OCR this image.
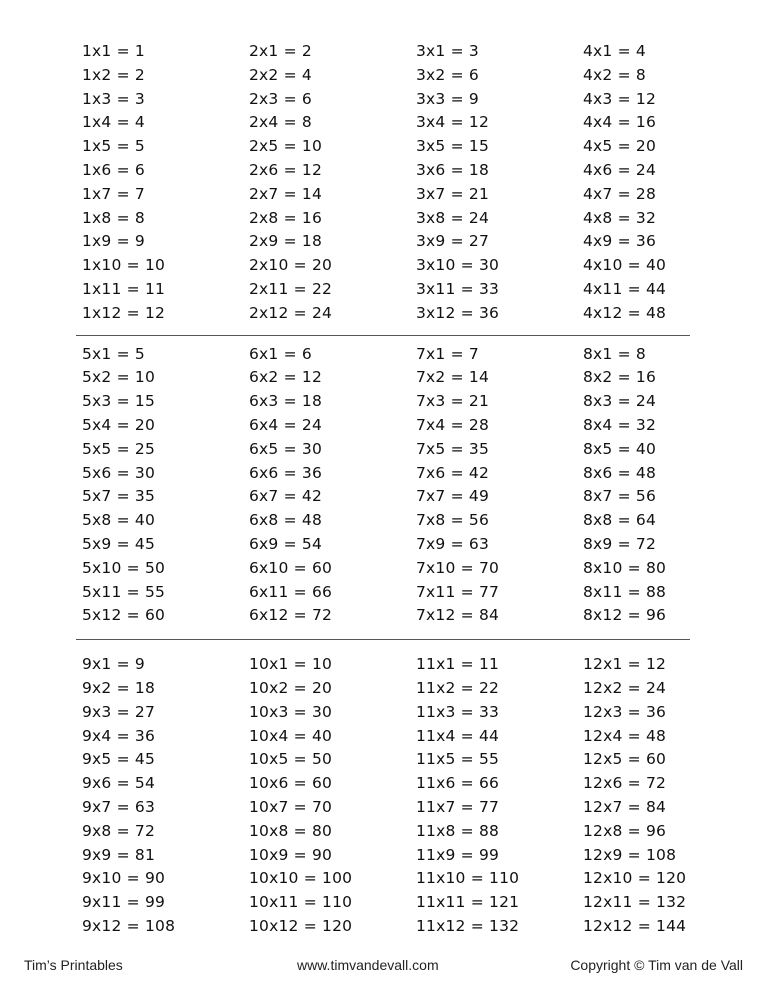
1x1 = 1
1x2 = 2
1x3 = 3
1x4 = 4
1x5 = 5
1x6 = 6
1x7 = 7
1x8 = 8
1x9 = 9
1x10 = 10
1x11 = 11
1x12 = 12
2x1 = 2
2x2 = 4
2x3 = 6
2x4 = 8
2x5 = 10
2x6 = 12
2x7 = 14
2x8 = 16
2x9 = 18
2x10 = 20
2x11 = 22
2x12 = 24
3x1 = 3
3x2 = 6
3x3 = 9
3x4 = 12
3x5 = 15
3x6 = 18
3x7 = 21
3x8 = 24
3x9 = 27
3x10 = 30
3x11 = 33
3x12 = 36
4x1 = 4
4x2 = 8
4x3 = 12
4x4 = 16
4x5 = 20
4x6 = 24
4x7 = 28
4x8 = 32
4x9 = 36
4x10 = 40
4x11 = 44
4x12 = 48
5x1 = 5
5x2 = 10
5x3 = 15
5x4 = 20
5x5 = 25
5x6 = 30
5x7 = 35
5x8 = 40
5x9 = 45
5x10 = 50
5x11 = 55
5x12 = 60
6x1 = 6
6x2 = 12
6x3 = 18
6x4 = 24
6x5 = 30
6x6 = 36
6x7 = 42
6x8 = 48
6x9 = 54
6x10 = 60
6x11 = 66
6x12 = 72
7x1 = 7
7x2 = 14
7x3 = 21
7x4 = 28
7x5 = 35
7x6 = 42
7x7 = 49
7x8 = 56
7x9 = 63
7x10 = 70
7x11 = 77
7x12 = 84
8x1 = 8
8x2 = 16
8x3 = 24
8x4 = 32
8x5 = 40
8x6 = 48
8x7 = 56
8x8 = 64
8x9 = 72
8x10 = 80
8x11 = 88
8x12 = 96
9x1 = 9
9x2 = 18
9x3 = 27
9x4 = 36
9x5 = 45
9x6 = 54
9x7 = 63
9x8 = 72
9x9 = 81
9x10 = 90
9x11 = 99
9x12 = 108
10x1 = 10
10x2 = 20
10x3 = 30
10x4 = 40
10x5 = 50
10x6 = 60
10x7 = 70
10x8 = 80
10x9 = 90
10x10 = 100
10x11 = 110
10x12 = 120
11x1 = 11
11x2 = 22
11x3 = 33
11x4 = 44
11x5 = 55
11x6 = 66
11x7 = 77
11x8 = 88
11x9 = 99
11x10 = 110
11x11 = 121
11x12 = 132
12x1 = 12
12x2 = 24
12x3 = 36
12x4 = 48
12x5 = 60
12x6 = 72
12x7 = 84
12x8 = 96
12x9 = 108
12x10 = 120
12x11 = 132
12x12 = 144
Tim’s Printables	www.timvandevall.com	Copyright © Tim van de Vall
